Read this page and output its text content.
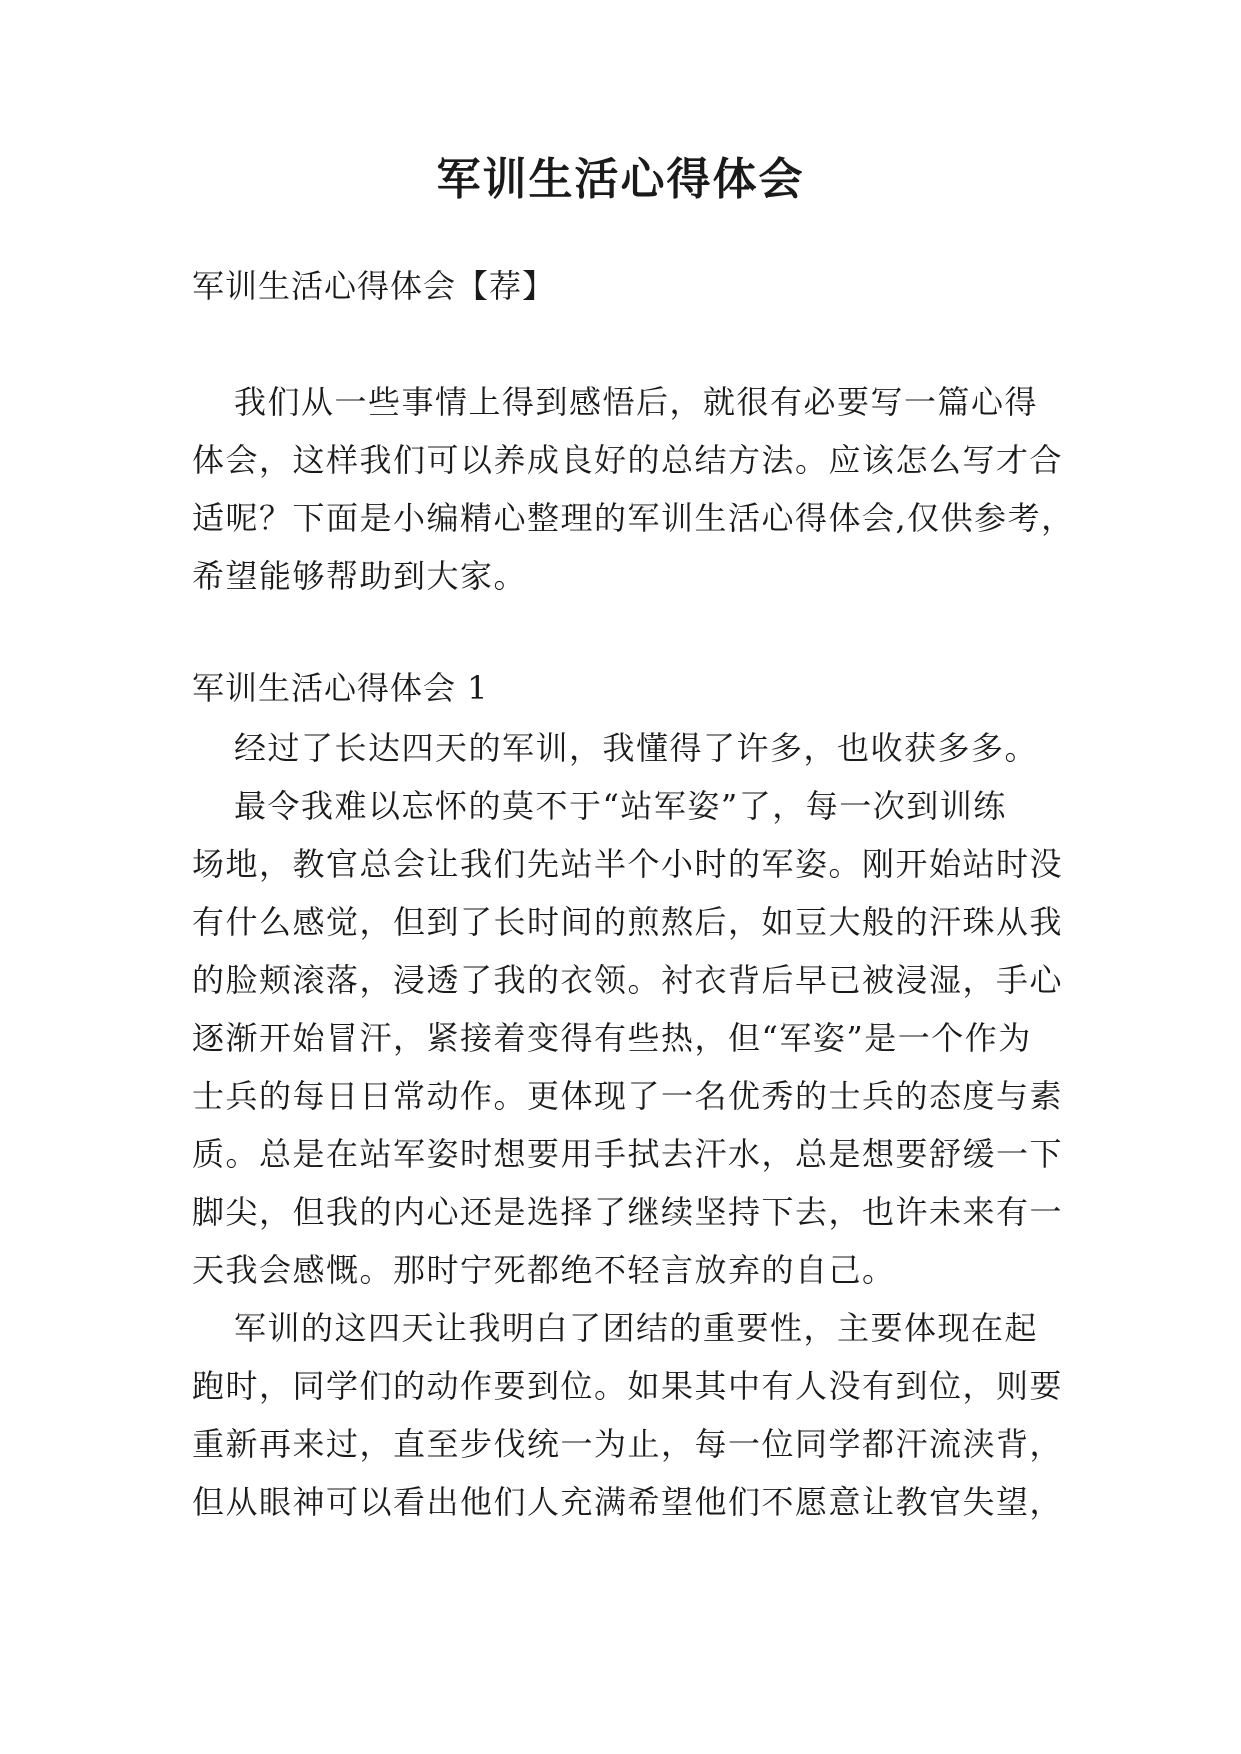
军训生活心得体会

军训生活心得体会【荐】

我们从一些事情上得到感悟后，就很有必要写一篇心得

体会，这样我们可以养成良好的总结方法。应该怎么写才合

适呢？下面是小编精心整理的军训生活心得体会,仅供参考，

希望能够帮助到大家。

军训生活心得体会 1

经过了长达四天的军训，我懂得了许多，也收获多多。

最令我难以忘怀的莫不于“站军姿”了，每一次到训练

场地，教官总会让我们先站半个小时的军姿。刚开始站时没

有什么感觉，但到了长时间的煎熬后，如豆大般的汗珠从我

的脸颊滚落，浸透了我的衣领。衬衣背后早已被浸湿，手心

逐渐开始冒汗，紧接着变得有些热，但“军姿”是一个作为

士兵的每日日常动作。更体现了一名优秀的士兵的态度与素

质。总是在站军姿时想要用手拭去汗水，总是想要舒缓一下

脚尖，但我的内心还是选择了继续坚持下去，也许未来有一

天我会感慨。那时宁死都绝不轻言放弃的自己。

军训的这四天让我明白了团结的重要性，主要体现在起

跑时，同学们的动作要到位。如果其中有人没有到位，则要

重新再来过，直至步伐统一为止，每一位同学都汗流浃背，

但从眼神可以看出他们人充满希望他们不愿意让教官失望，
